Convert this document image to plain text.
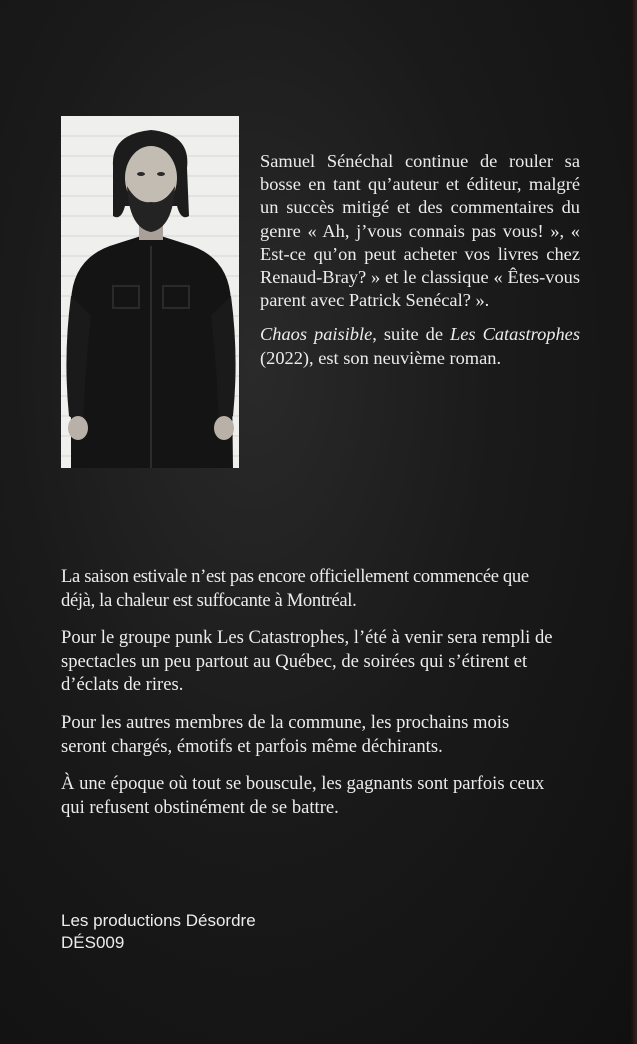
Samuel Sénéchal continue de rouler sa bosse en tant qu’auteur et éditeur, malgré un succès mitigé et des commentaires du genre « Ah, j’vous connais pas vous! », « Est-ce qu’on peut acheter vos livres chez Renaud-Bray? » et le classique « Êtes-vous parent avec Patrick Senécal? ».

Chaos paisible, suite de Les Catastrophes (2022), est son neuvième roman.

La saison estivale n’est pas encore officiellement commencée que déjà, la chaleur est suffocante à Montréal.

Pour le groupe punk Les Catastrophes, l’été à venir sera rempli de spectacles un peu partout au Québec, de soirées qui s’étirent et d’éclats de rires.

Pour les autres membres de la commune, les prochains mois seront chargés, émotifs et parfois même déchirants.

À une époque où tout se bouscule, les gagnants sont parfois ceux qui refusent obstinément de se battre.

Les productions Désordre
DÉS009
